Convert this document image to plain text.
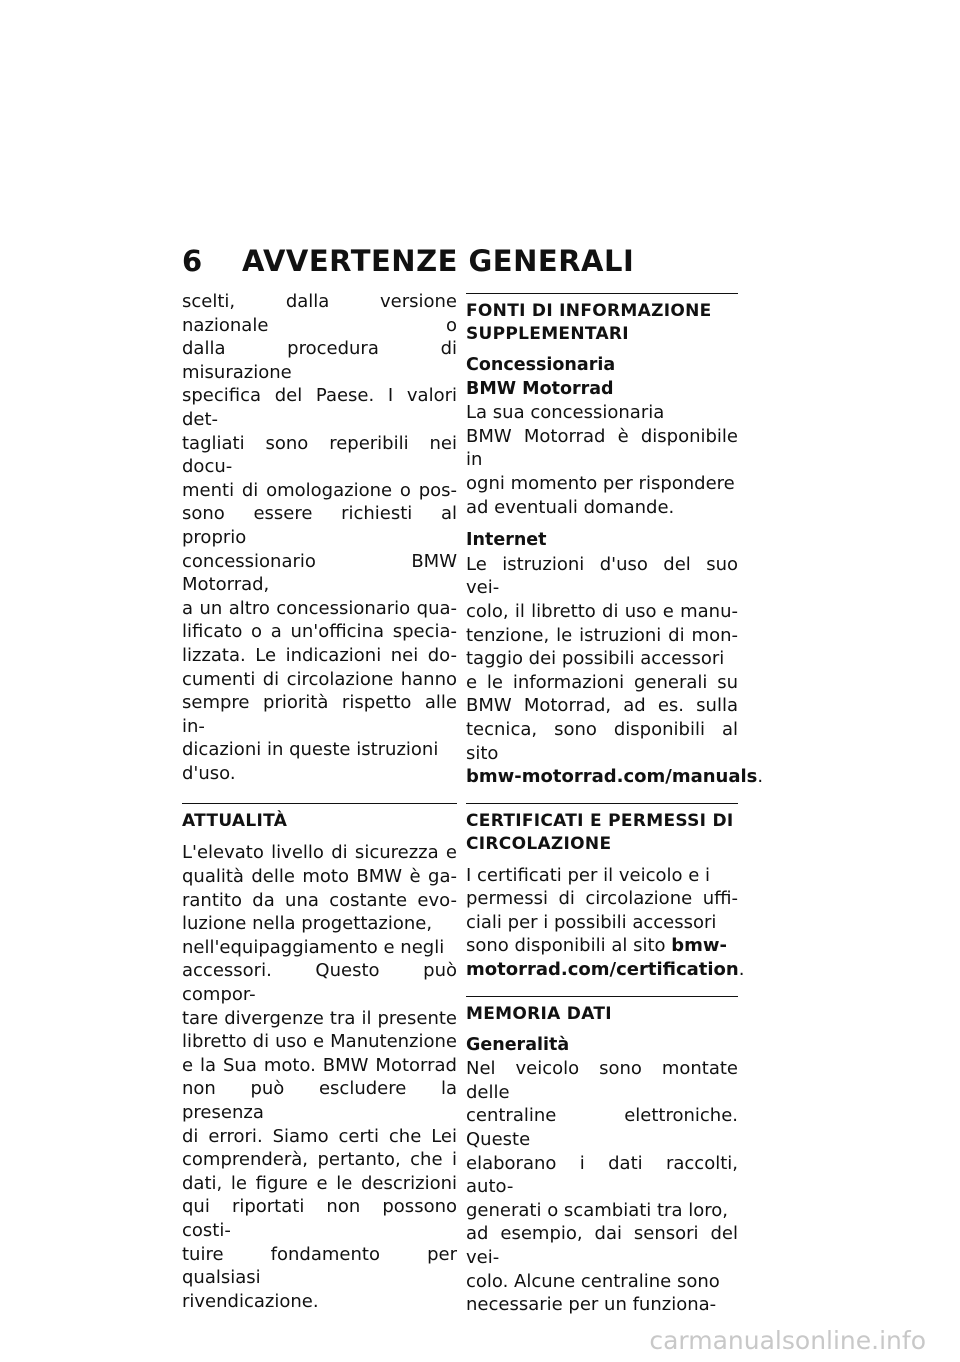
6 AVVERTENZE GENERALI
scelti, dalla versione nazionale o
dalla procedura di misurazione
specifica del Paese. I valori det-
tagliati sono reperibili nei docu-
menti di omologazione o pos-
sono essere richiesti al proprio
concessionario BMW Motorrad,
a un altro concessionario qua-
lificato o a un'officina specia-
lizzata. Le indicazioni nei do-
cumenti di circolazione hanno
sempre priorità rispetto alle in-
dicazioni in queste istruzioni
d'uso.
ATTUALITÀ
L'elevato livello di sicurezza e
qualità delle moto BMW è ga-
rantito da una costante evo-
luzione nella progettazione,
nell'equipaggiamento e negli
accessori. Questo può compor-
tare divergenze tra il presente
libretto di uso e Manutenzione
e la Sua moto. BMW Motorrad
non può escludere la presenza
di errori. Siamo certi che Lei
comprenderà, pertanto, che i
dati, le figure e le descrizioni
qui riportati non possono costi-
tuire fondamento per qualsiasi
rivendicazione.
FONTI DI INFORMAZIONE
SUPPLEMENTARI
Concessionaria
BMW Motorrad
La sua concessionaria
BMW Motorrad è disponibile in
ogni momento per rispondere
ad eventuali domande.
Internet
Le istruzioni d'uso del suo vei-
colo, il libretto di uso e manu-
tenzione, le istruzioni di mon-
taggio dei possibili accessori
e le informazioni generali su
BMW Motorrad, ad es. sulla
tecnica, sono disponibili al sito
bmw-motorrad.com/manuals.
CERTIFICATI E PERMESSI DI
CIRCOLAZIONE
I certificati per il veicolo e i
permessi di circolazione uffi-
ciali per i possibili accessori
sono disponibili al sito bmw-
motorrad.com/certification.
MEMORIA DATI
Generalità
Nel veicolo sono montate delle
centraline elettroniche. Queste
elaborano i dati raccolti, auto-
generati o scambiati tra loro,
ad esempio, dai sensori del vei-
colo. Alcune centraline sono
necessarie per un funziona-
carmanualsonline.info
